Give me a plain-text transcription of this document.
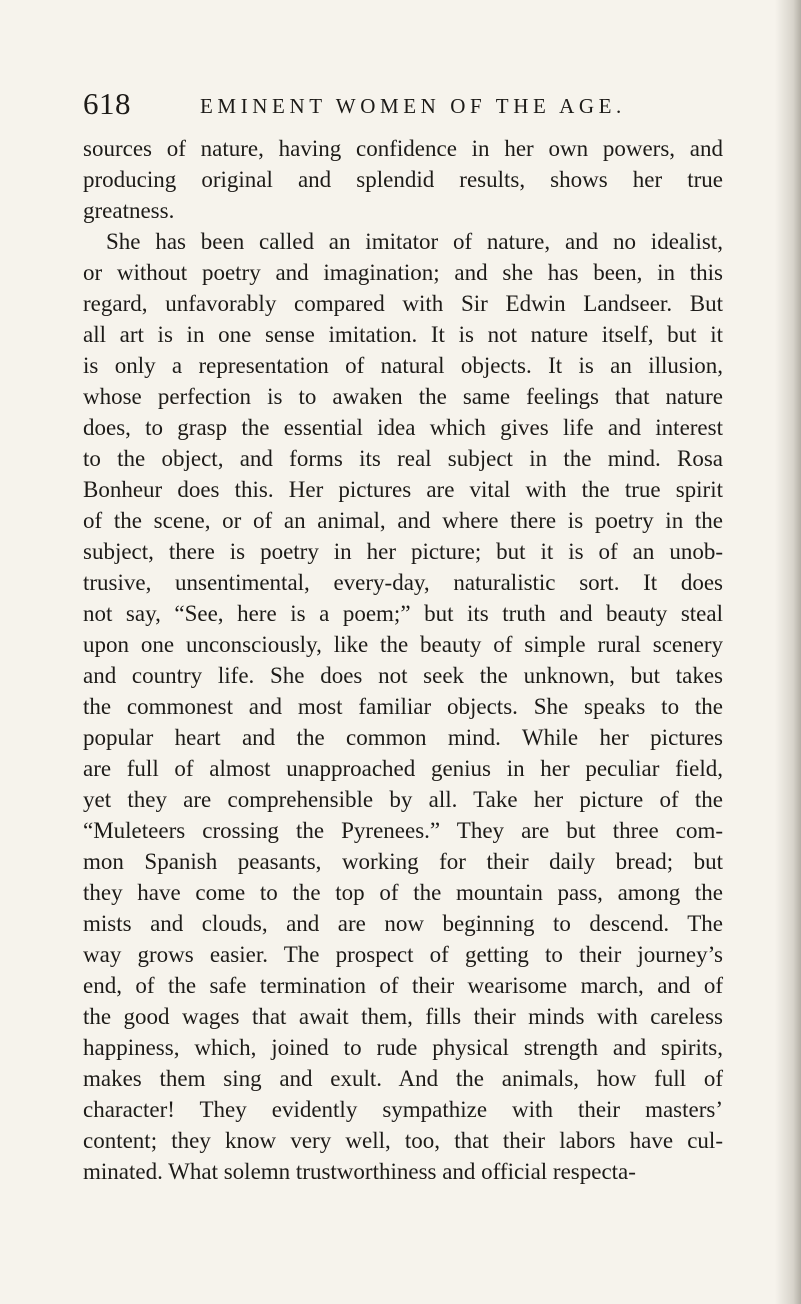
618	EMINENT WOMEN OF THE AGE.
sources of nature, having confidence in her own powers, and
producing original and splendid results, shows her true
greatness.
She has been called an imitator of nature, and no idealist,
or without poetry and imagination; and she has been, in this
regard, unfavorably compared with Sir Edwin Landseer. But
all art is in one sense imitation. It is not nature itself, but it
is only a representation of natural objects. It is an illusion,
whose perfection is to awaken the same feelings that nature
does, to grasp the essential idea which gives life and interest
to the object, and forms its real subject in the mind. Rosa
Bonheur does this. Her pictures are vital with the true spirit
of the scene, or of an animal, and where there is poetry in the
subject, there is poetry in her picture; but it is of an unob-
trusive, unsentimental, every-day, naturalistic sort. It does
not say, “See, here is a poem;” but its truth and beauty steal
upon one unconsciously, like the beauty of simple rural scenery
and country life. She does not seek the unknown, but takes
the commonest and most familiar objects. She speaks to the
popular heart and the common mind. While her pictures
are full of almost unapproached genius in her peculiar field,
yet they are comprehensible by all. Take her picture of the
“Muleteers crossing the Pyrenees.” They are but three com-
mon Spanish peasants, working for their daily bread; but
they have come to the top of the mountain pass, among the
mists and clouds, and are now beginning to descend. The
way grows easier. The prospect of getting to their journey’s
end, of the safe termination of their wearisome march, and of
the good wages that await them, fills their minds with careless
happiness, which, joined to rude physical strength and spirits,
makes them sing and exult. And the animals, how full of
character! They evidently sympathize with their masters’
content; they know very well, too, that their labors have cul-
minated. What solemn trustworthiness and official respecta-
